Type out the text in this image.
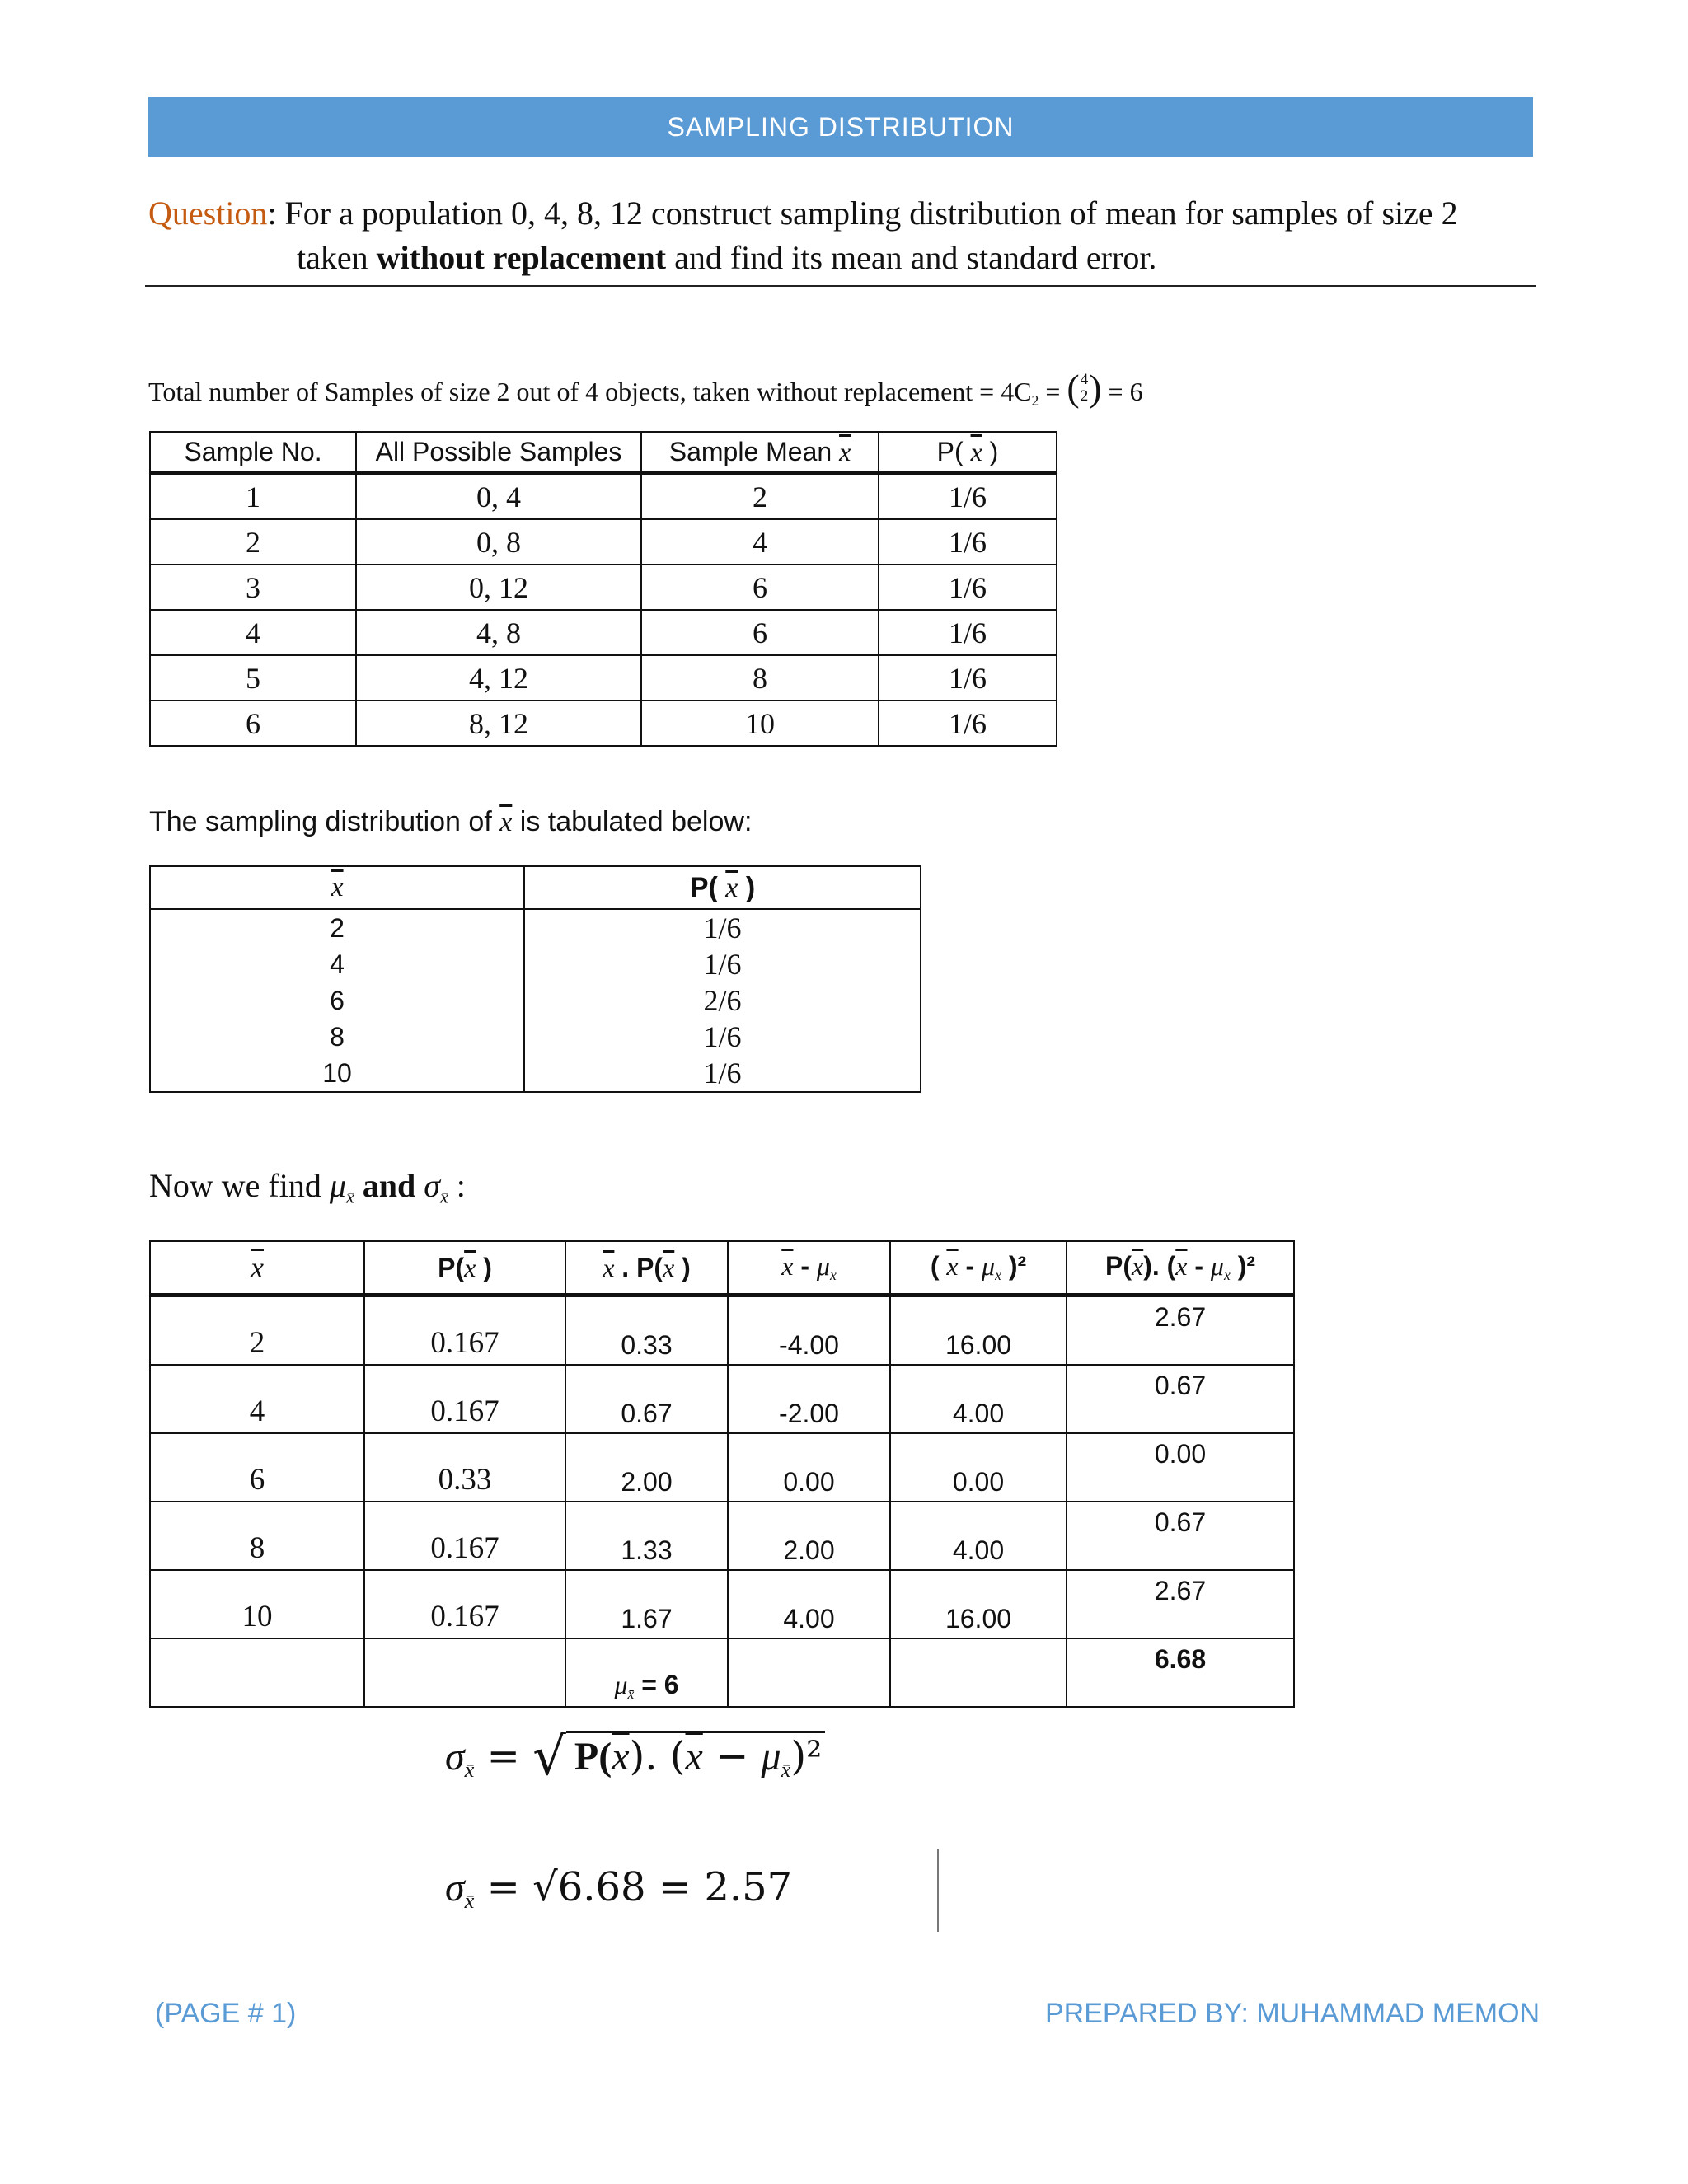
SAMPLING DISTRIBUTION
Question: For a population 0, 4, 8, 12 construct sampling distribution of mean for samples of size 2
taken without replacement and find its mean and standard error.
Total number of Samples of size 2 out of 4 objects, taken without replacement = $4C_2$ = ( 4
2 ) = 6
Sample No.	All Possible Samples	Sample Mean $\overline{x}$	P( $\overline{x}$ )
1	0, 4	2	1/6
2	0, 8	4	1/6
3	0, 12	6	1/6
4	4, 8	6	1/6
5	4, 12	8	1/6
6	8, 12	10	1/6
The sampling distribution of $\overline{x}$ is tabulated below:
$\overline{x}$	P( $\overline{x}$ )
2	1/6
4	1/6
6	2/6
8	1/6
10	1/6
Now we find $\mu_{x̄}$ and $\sigma_{x̄}$ :
$\overline{x}$	$P(\overline{x}$ )	$\overline{x}$ . $P(\overline{x}$ )	$\overline{x} - \mu_{x̄}$	( $\overline{x} - \mu_{x̄}$ )²	$P(\overline{x})$. ($\overline{x} - \mu_{x̄}$ )²
2	0.167	0.33	-4.00	16.00	2.67
4	0.167	0.67	-2.00	4.00	0.67
6	0.33	2.00	0.00	0.00	0.00
8	0.167	1.33	2.00	4.00	0.67
10	0.167	1.67	4.00	16.00	2.67
		$\mu_{x̄} = 6$			6.68
$\sigma_{x̄}$ = √ $P(\overline{x})$. $(\overline{x} - \mu_{x̄})^2$
$\sigma_{x̄} = √6.68 = 2.57$
(PAGE # 1)	PREPARED BY: MUHAMMAD MEMON
